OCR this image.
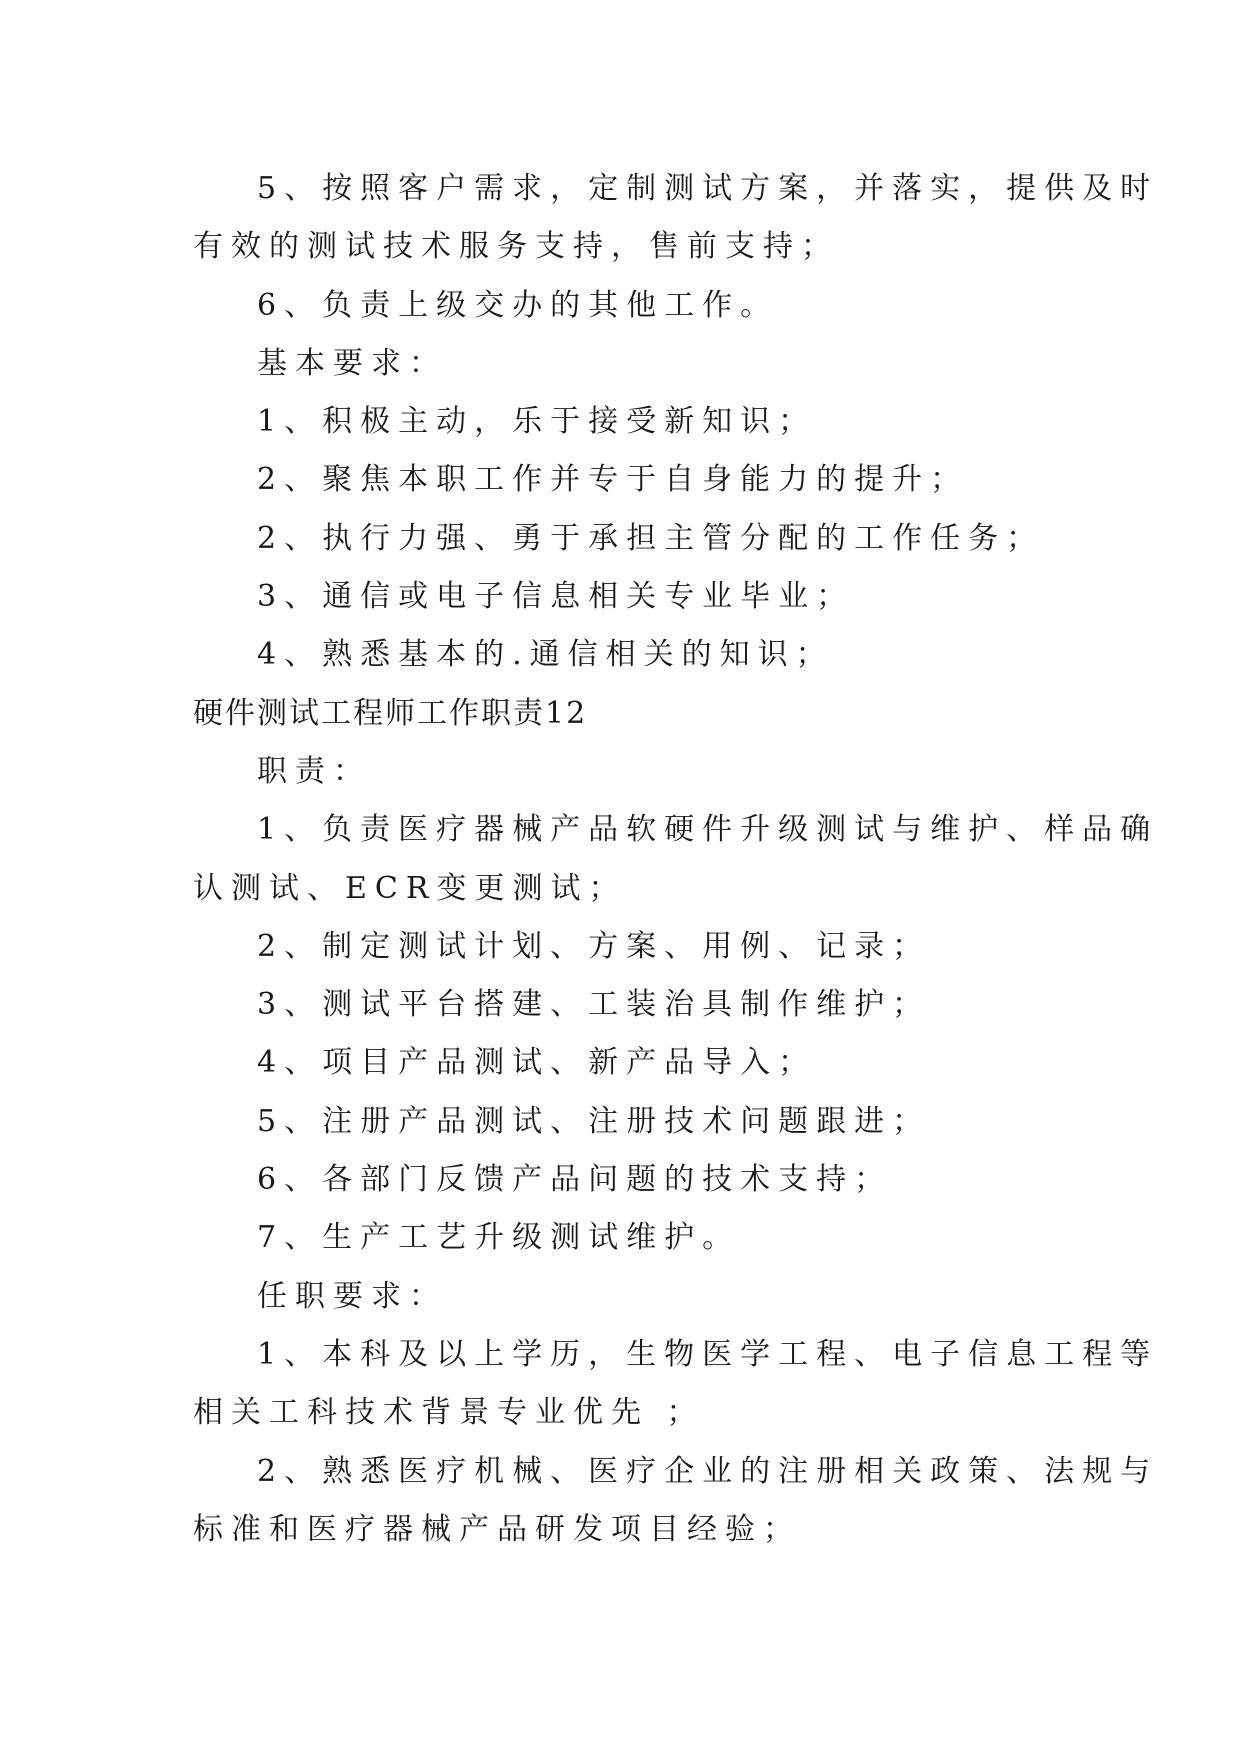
5、按照客户需求，定制测试方案，并落实，提供及时

有效的测试技术服务支持，售前支持；

6、负责上级交办的其他工作。

基本要求：

1、积极主动，乐于接受新知识；

2、聚焦本职工作并专于自身能力的提升；

2、执行力强、勇于承担主管分配的工作任务；

3、通信或电子信息相关专业毕业；

4、熟悉基本的.通信相关的知识；

硬件测试工程师工作职责12

职责：

1、负责医疗器械产品软硬件升级测试与维护、样品确

认测试、ECR变更测试；

2、制定测试计划、方案、用例、记录；

3、测试平台搭建、工装治具制作维护；

4、项目产品测试、新产品导入；

5、注册产品测试、注册技术问题跟进；

6、各部门反馈产品问题的技术支持；

7、生产工艺升级测试维护。

任职要求：

1、本科及以上学历，生物医学工程、电子信息工程等

相关工科技术背景专业优先 ；

2、熟悉医疗机械、医疗企业的注册相关政策、法规与

标准和医疗器械产品研发项目经验；
